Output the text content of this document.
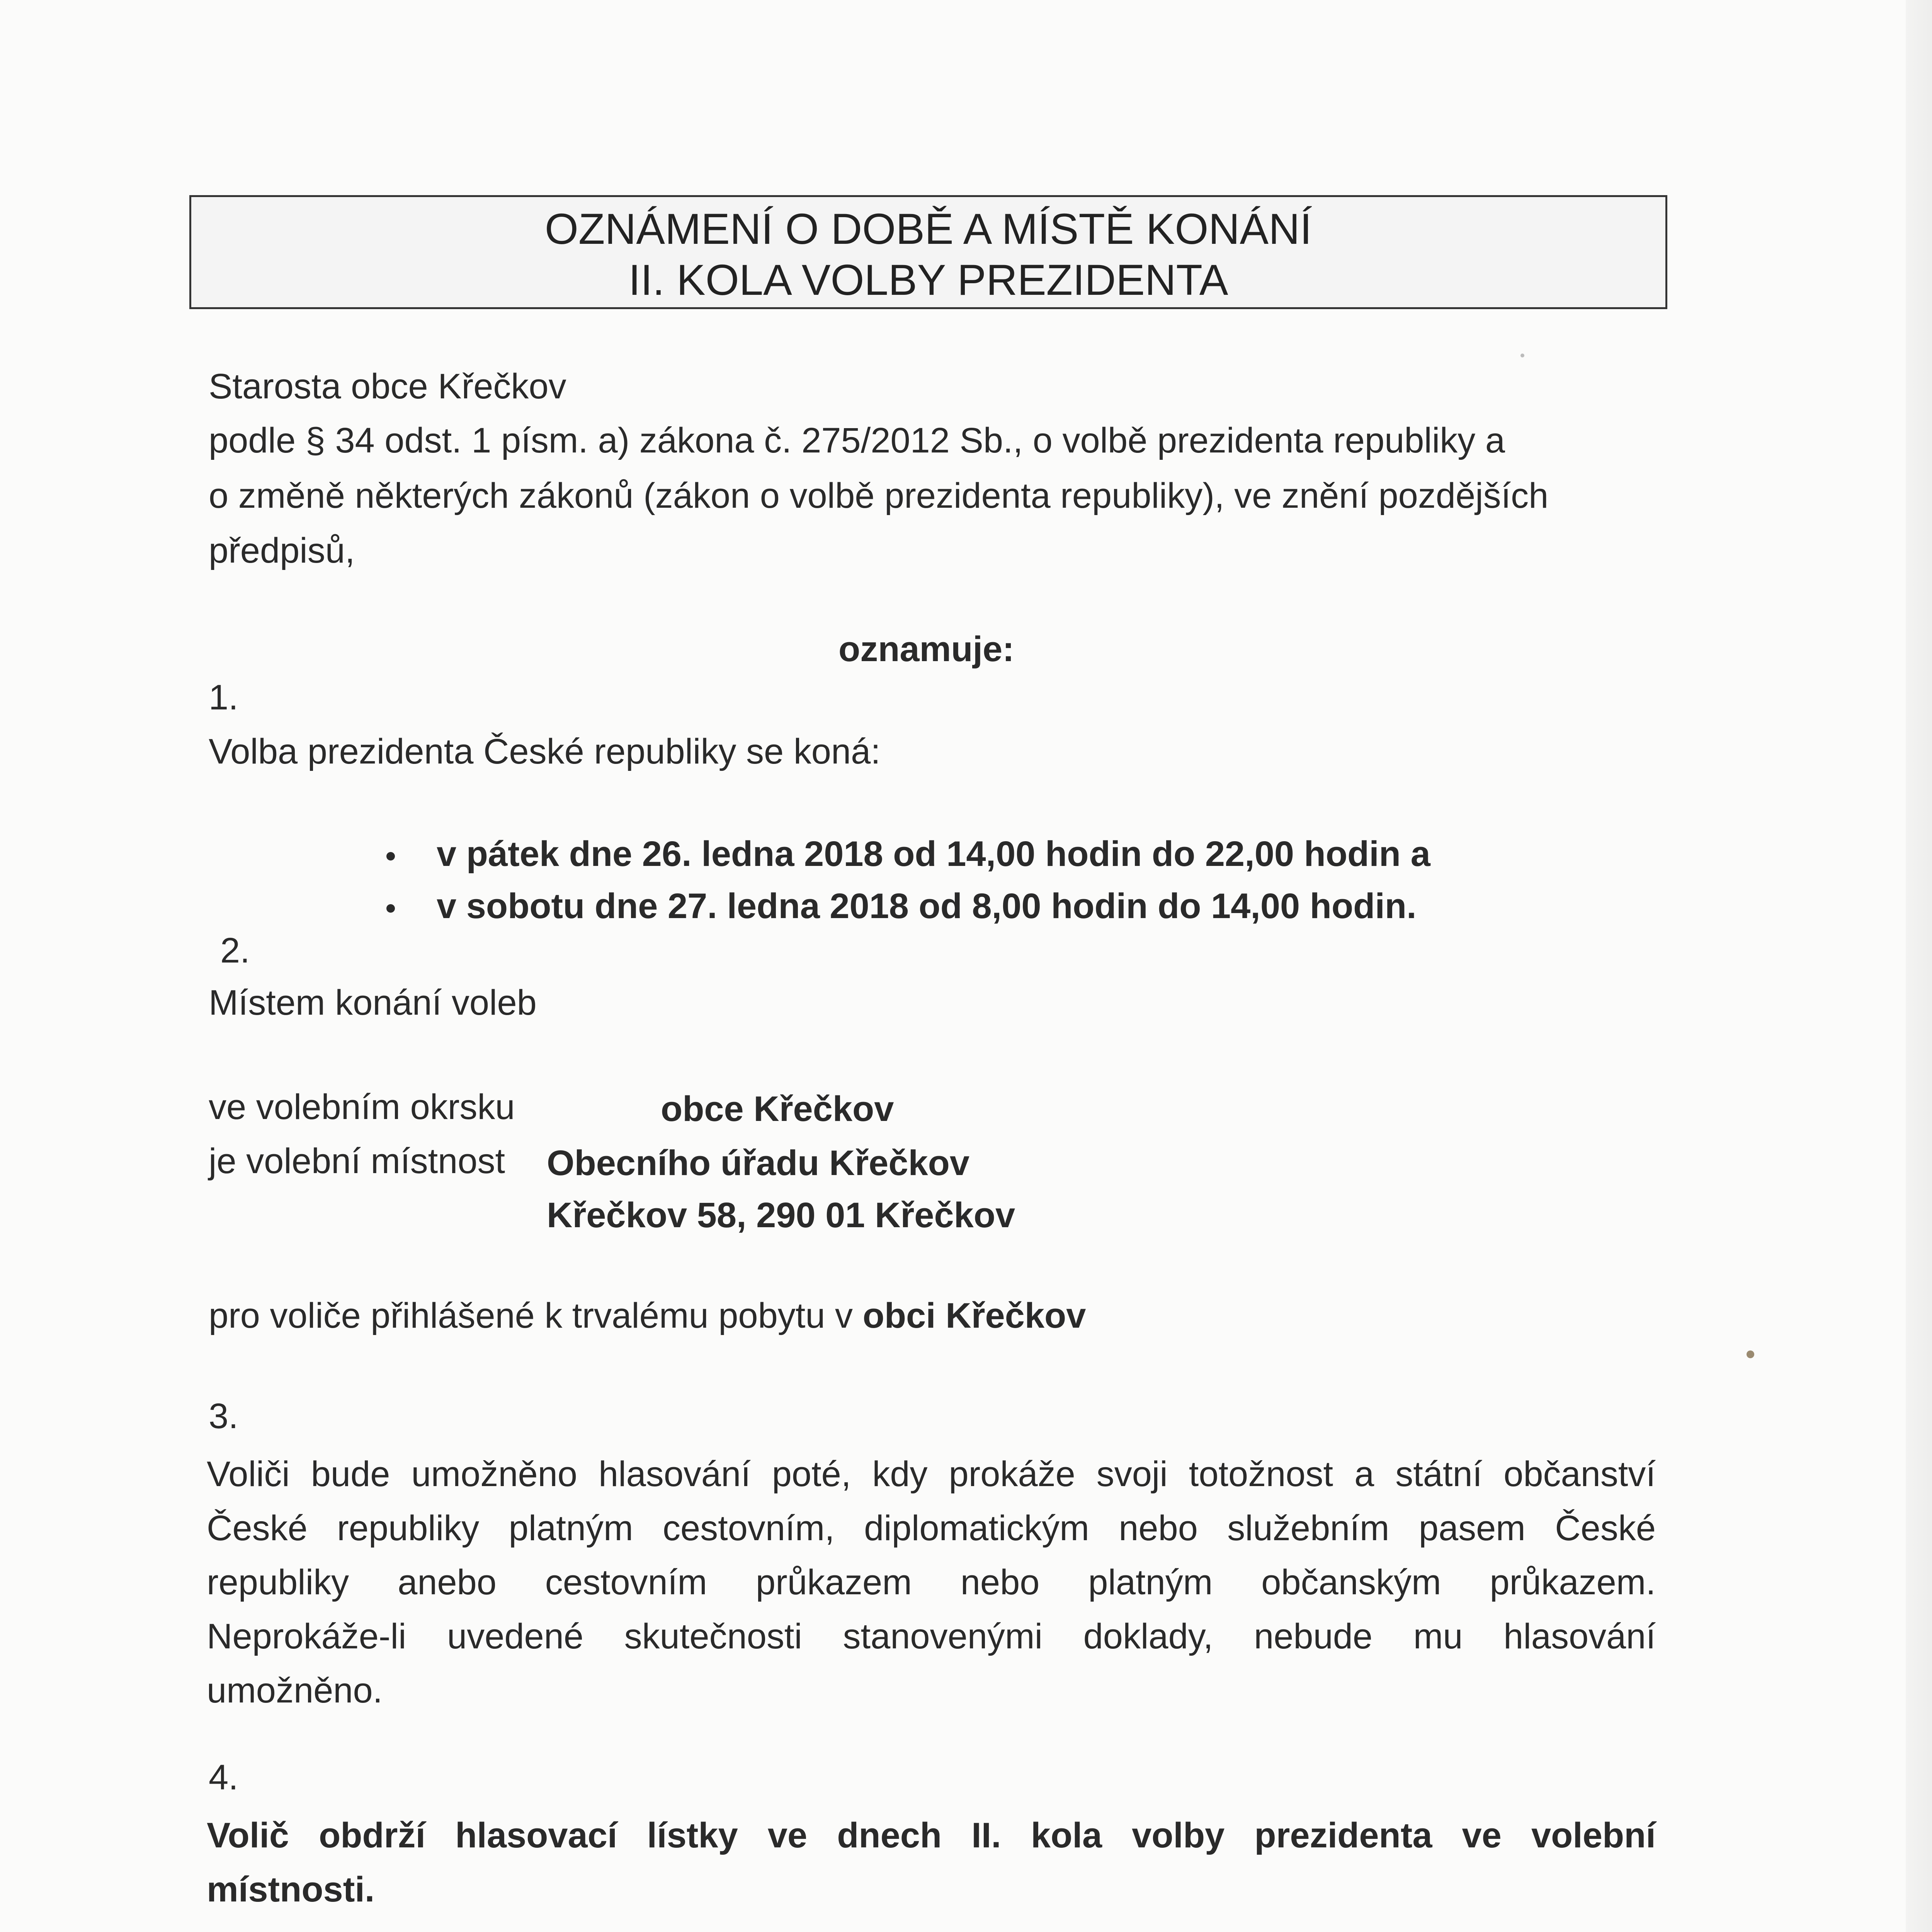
OZNÁMENÍ O DOBĚ A MÍSTĚ KONÁNÍ
II. KOLA VOLBY PREZIDENTA
Starosta obce Křečkov
podle § 34 odst. 1 písm. a) zákona č. 275/2012 Sb., o volbě prezidenta republiky a
o změně některých zákonů (zákon o volbě prezidenta republiky), ve znění pozdějších
předpisů,
oznamuje:
1.
Volba prezidenta České republiky se koná:
v pátek dne 26. ledna 2018 od 14,00 hodin do 22,00 hodin a
v sobotu dne 27. ledna 2018 od 8,00 hodin do 14,00 hodin.
2.
Místem konání voleb
ve volebním okrsku	obce Křečkov
je volební místnost Obecního úřadu Křečkov
Křečkov 58, 290 01 Křečkov
pro voliče přihlášené k trvalému pobytu v obci Křečkov
3.
Voliči bude umožněno hlasování poté, kdy prokáže svoji totožnost a státní občanství
České republiky platným cestovním, diplomatickým nebo služebním pasem České
republiky anebo cestovním průkazem nebo platným občanským průkazem.
Neprokáže-li uvedené skutečnosti stanovenými doklady, nebude mu hlasování
umožněno.
4.
Volič obdrží hlasovací lístky ve dnech II. kola volby prezidenta ve volební
místnosti.
